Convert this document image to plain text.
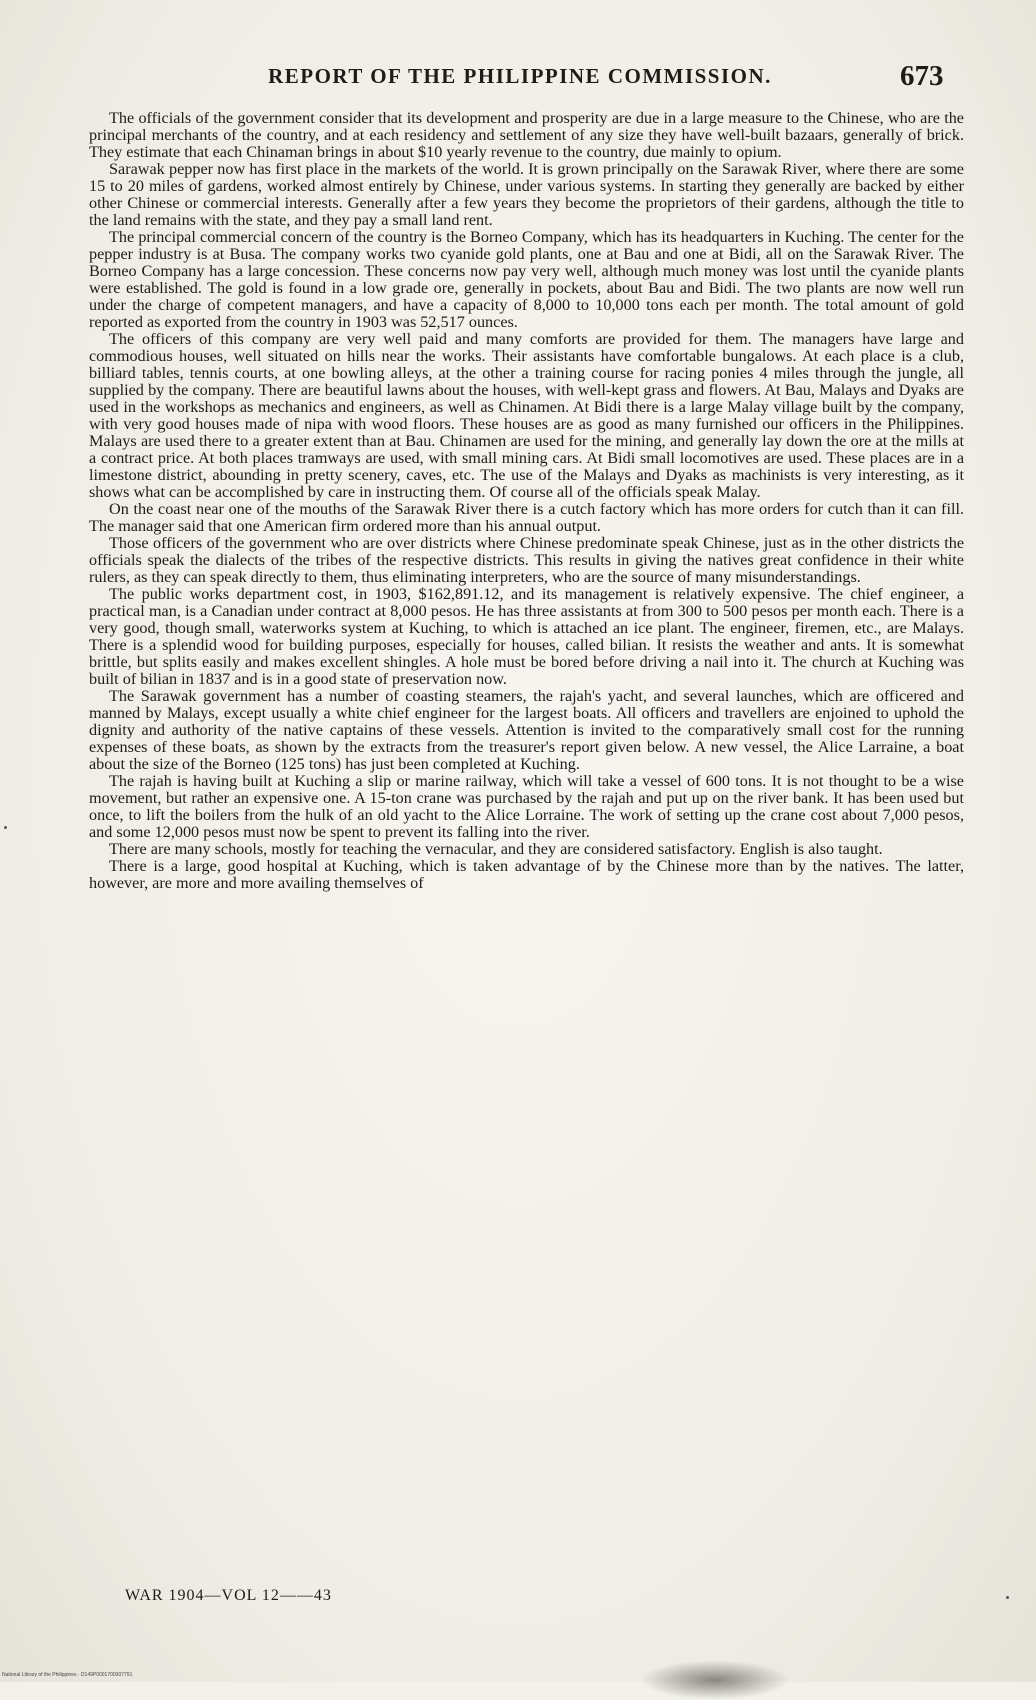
REPORT OF THE PHILIPPINE COMMISSION.	673

The officials of the government consider that its development and prosperity are due in a large measure to the Chinese, who are the principal merchants of the country, and at each residency and settlement of any size they have well-built bazaars, generally of brick. They estimate that each Chinaman brings in about $10 yearly revenue to the country, due mainly to opium.

Sarawak pepper now has first place in the markets of the world. It is grown principally on the Sarawak River, where there are some 15 to 20 miles of gardens, worked almost entirely by Chinese, under various systems. In starting they generally are backed by either other Chinese or commercial interests. Generally after a few years they become the proprietors of their gardens, although the title to the land remains with the state, and they pay a small land rent.

The principal commercial concern of the country is the Borneo Company, which has its headquarters in Kuching. The center for the pepper industry is at Busa. The company works two cyanide gold plants, one at Bau and one at Bidi, all on the Sarawak River. The Borneo Company has a large concession. These concerns now pay very well, although much money was lost until the cyanide plants were established. The gold is found in a low grade ore, generally in pockets, about Bau and Bidi. The two plants are now well run under the charge of competent managers, and have a capacity of 8,000 to 10,000 tons each per month. The total amount of gold reported as exported from the country in 1903 was 52,517 ounces.

The officers of this company are very well paid and many comforts are provided for them. The managers have large and commodious houses, well situated on hills near the works. Their assistants have comfortable bungalows. At each place is a club, billiard tables, tennis courts, at one bowling alleys, at the other a training course for racing ponies 4 miles through the jungle, all supplied by the company. There are beautiful lawns about the houses, with well-kept grass and flowers. At Bau, Malays and Dyaks are used in the workshops as mechanics and engineers, as well as Chinamen. At Bidi there is a large Malay village built by the company, with very good houses made of nipa with wood floors. These houses are as good as many furnished our officers in the Philippines. Malays are used there to a greater extent than at Bau. Chinamen are used for the mining, and generally lay down the ore at the mills at a contract price. At both places tramways are used, with small mining cars. At Bidi small locomotives are used. These places are in a limestone district, abounding in pretty scenery, caves, etc. The use of the Malays and Dyaks as machinists is very interesting, as it shows what can be accomplished by care in instructing them. Of course all of the officials speak Malay.

On the coast near one of the mouths of the Sarawak River there is a cutch factory which has more orders for cutch than it can fill. The manager said that one American firm ordered more than his annual output.

Those officers of the government who are over districts where Chinese predominate speak Chinese, just as in the other districts the officials speak the dialects of the tribes of the respective districts. This results in giving the natives great confidence in their white rulers, as they can speak directly to them, thus eliminating interpreters, who are the source of many misunderstandings.

The public works department cost, in 1903, $162,891.12, and its management is relatively expensive. The chief engineer, a practical man, is a Canadian under contract at 8,000 pesos. He has three assistants at from 300 to 500 pesos per month each. There is a very good, though small, waterworks system at Kuching, to which is attached an ice plant. The engineer, firemen, etc., are Malays. There is a splendid wood for building purposes, especially for houses, called bilian. It resists the weather and ants. It is somewhat brittle, but splits easily and makes excellent shingles. A hole must be bored before driving a nail into it. The church at Kuching was built of bilian in 1837 and is in a good state of preservation now.

The Sarawak government has a number of coasting steamers, the rajah's yacht, and several launches, which are officered and manned by Malays, except usually a white chief engineer for the largest boats. All officers and travellers are enjoined to uphold the dignity and authority of the native captains of these vessels. Attention is invited to the comparatively small cost for the running expenses of these boats, as shown by the extracts from the treasurer's report given below. A new vessel, the Alice Larraine, a boat about the size of the Borneo (125 tons) has just been completed at Kuching.

The rajah is having built at Kuching a slip or marine railway, which will take a vessel of 600 tons. It is not thought to be a wise movement, but rather an expensive one. A 15-ton crane was purchased by the rajah and put up on the river bank. It has been used but once, to lift the boilers from the hulk of an old yacht to the Alice Lorraine. The work of setting up the crane cost about 7,000 pesos, and some 12,000 pesos must now be spent to prevent its falling into the river.

There are many schools, mostly for teaching the vernacular, and they are considered satisfactory. English is also taught.

There is a large, good hospital at Kuching, which is taken advantage of by the Chinese more than by the natives. The latter, however, are more and more availing themselves of

WAR 1904—VOL 12——43
National Library of the Philippines · D149P0001700307791
